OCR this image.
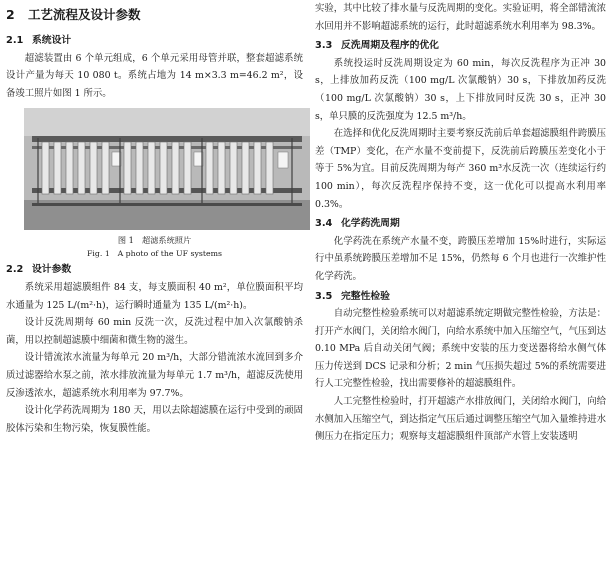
2 工艺流程及设计参数
2.1 系统设计

超滤装置由 6 个单元组成，6 个单元采用母管并联，整套超滤系统设计产量为每天 10 080 t。系统占地为 14 m×3.3 m=46.2 m²，设备竣工照片如图 1 所示。

图 1　超滤系统照片
Fig. 1　A photo of the UF systems
2.2 设计参数

系统采用超滤膜组件 84 支，每支膜面积 40 m²，单位膜面积平均水通量为 125 L/(m²·h)，运行瞬时通量为 135 L/(m²·h)。

设计反洗周期每 60 min 反洗一次，反洗过程中加入次氯酸钠杀菌，用以控制超滤膜中细菌和微生物的滋生。

设计错流浓水流量为每单元 20 m³/h，大部分错流浓水流回到多介质过滤器给水泵之前，浓水排放流量为每单元 1.7 m³/h，超滤反洗使用反渗透浓水，超滤系统水利用率为 97.7%。

设计化学药洗周期为 180 天，用以去除超滤膜在运行中受到的顽固胶体污染和生物污染，恢复膜性能。

实验，其中比较了排水量与反洗周期的变化。实验证明，将全部错流浓水回用并不影响超滤系统的运行，此时超滤系统水利用率为 98.3%。

3.3 反洗周期及程序的优化

系统投运时反洗周期设定为 60 min，每次反洗程序为正冲 30 s，上排放加药反洗（100 mg/L 次氯酸钠）30 s，下排放加药反洗（100 mg/L 次氯酸钠）30 s，上下排放同时反洗 30 s，正冲 30 s，单只膜的反洗强度为 12.5 m³/h。

在选择和优化反洗周期时主要考察反洗前后单套超滤膜组件跨膜压差（TMP）变化，在产水量不变前提下，反洗前后跨膜压差变化小于等于 5%为宜。目前反洗周期为每产 360 m³水反洗一次（连续运行约 100 min），每次反洗程序保持不变，这一优化可以提高水利用率 0.3%。

3.4 化学药洗周期

化学药洗在系统产水量不变，跨膜压差增加 15%时进行，实际运行中虽系统跨膜压差增加不足 15%，仍然每 6 个月也进行一次维护性化学药洗。

3.5 完整性检验

自动完整性检验系统可以对超滤系统定期做完整性检验，方法是：打开产水阀门，关闭给水阀门，向给水系统中加入压缩空气，气压到达 0.10 MPa 后自动关闭气阀；系统中安装的压力变送器将给水侧气体压力传送到 DCS 记录和分析；2 min 气压损失超过 5%的系统需要进行人工完整性检验，找出需要修补的超滤膜组件。

人工完整性检验时，打开超滤产水排放阀门，关闭给水阀门，向给水侧加入压缩空气，到达指定气压后通过调整压缩空气加入量维持进水侧压力在指定压力；观察每支超滤膜组件顶部产水管上安装透明
